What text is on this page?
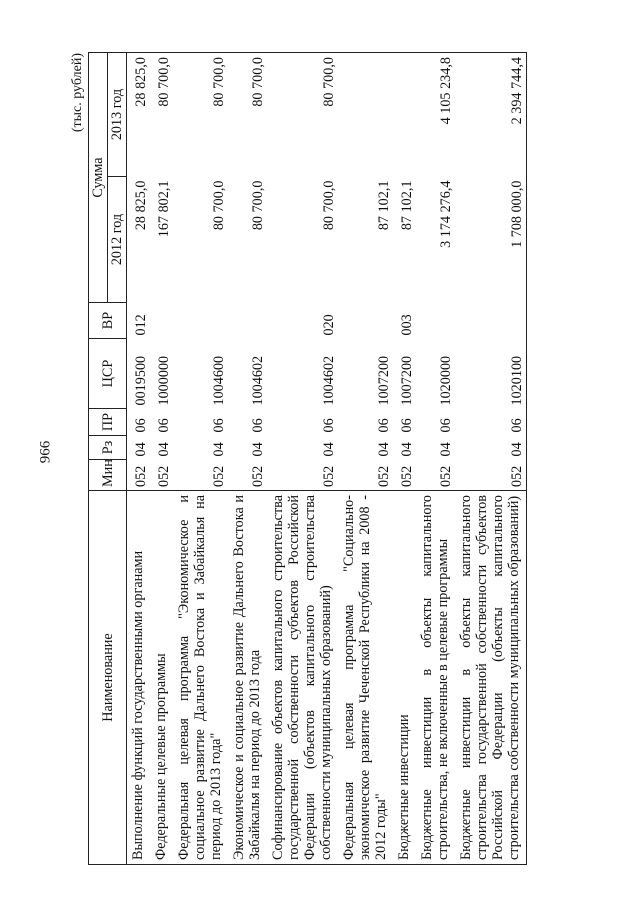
966
(тыс. рублей)
Наименование	Мин	Рз	ПР	ЦСР	ВР	Сумма	
						2012 год	2013 год
Выполнение функций государственными органами	052	04	06	0019500	012	28 825,0	28 825,0
Федеральные целевые программы	052	04	06	1000000		167 802,1	80 700,0
Федеральная целевая программа "Экономическое и социальное развитие Дальнего Востока и Забайкалья на период до 2013 года"	052	04	06	1004600		80 700,0	80 700,0
Экономическое и социальное развитие Дальнего Востока и Забайкалья на период до 2013 года	052	04	06	1004602		80 700,0	80 700,0
Софинансирование объектов капитального строительства государственной собственности субъектов Российской Федерации (объектов капитального строительства собственности муниципальных образований)	052	04	06	1004602	020	80 700,0	80 700,0
Федеральная целевая программа "Социально-экономическое развитие Чеченской Республики на 2008 - 2012 годы"	052	04	06	1007200		87 102,1	
Бюджетные инвестиции	052	04	06	1007200	003	87 102,1	
Бюджетные инвестиции в объекты капитального строительства, не включенные в целевые программы	052	04	06	1020000		3 174 276,4	4 105 234,8
Бюджетные инвестиции в объекты капитального строительства государственной собственности субъектов Российской Федерации (объекты капитального строительства собственности муниципальных образований)	052	04	06	1020100		1 708 000,0	2 394 744,4
